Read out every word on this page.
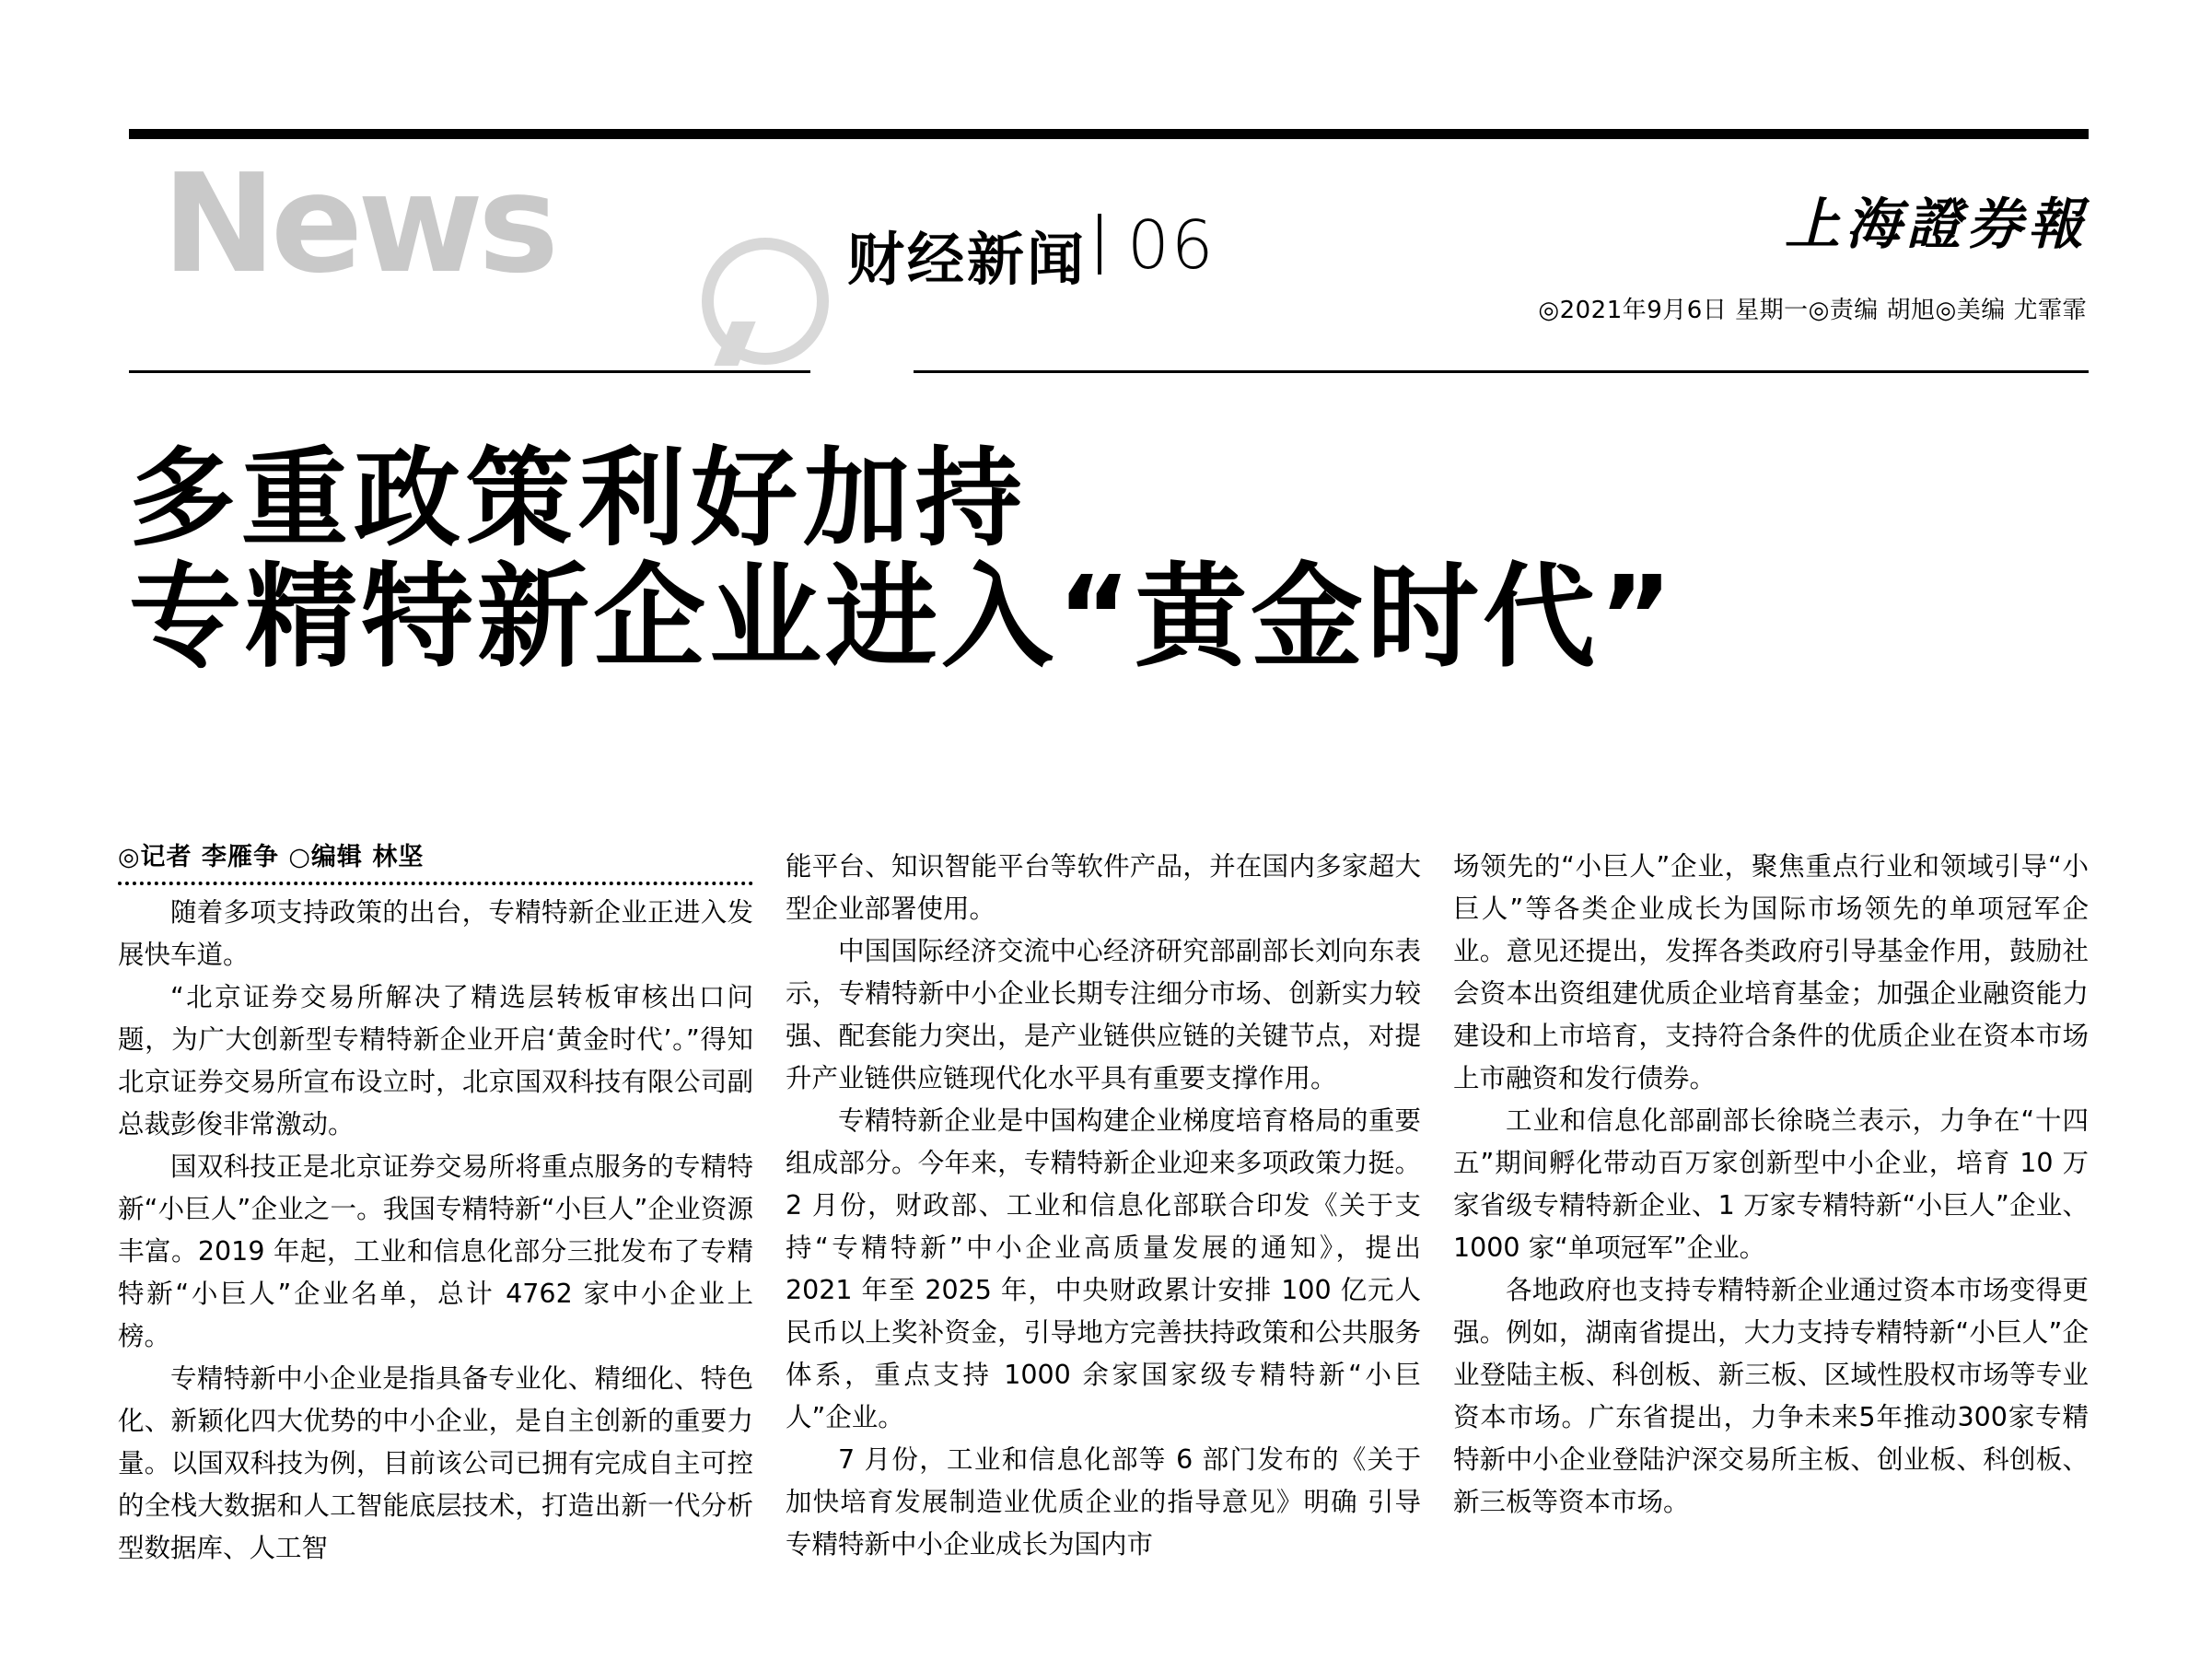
News	财经新闻 06	上海證券報
◎2021年9月6日 星期一◎责编 胡旭◎美编 尤霏霏
多重政策利好加持
专精特新企业进入“黄金时代”
◎记者 李雁争 ○编辑 林坚

随着多项支持政策的出台，专精特新企业正进入发展快车道。

“北京证券交易所解决了精选层转板审核出口问题，为广大创新型专精特新企业开启‘黄金时代’。”得知北京证券交易所宣布设立时，北京国双科技有限公司副总裁彭俊非常激动。

国双科技正是北京证券交易所将重点服务的专精特新“小巨人”企业之一。我国专精特新“小巨人”企业资源丰富。2019 年起，工业和信息化部分三批发布了专精特新“小巨人”企业名单，总计 4762 家中小企业上榜。

专精特新中小企业是指具备专业化、精细化、特色化、新颖化四大优势的中小企业，是自主创新的重要力量。以国双科技为例，目前该公司已拥有完成自主可控的全栈大数据和人工智能底层技术，打造出新一代分析型数据库、人工智

能平台、知识智能平台等软件产品，并在国内多家超大型企业部署使用。

中国国际经济交流中心经济研究部副部长刘向东表示，专精特新中小企业长期专注细分市场、创新实力较强、配套能力突出，是产业链供应链的关键节点，对提升产业链供应链现代化水平具有重要支撑作用。

专精特新企业是中国构建企业梯度培育格局的重要组成部分。今年来，专精特新企业迎来多项政策力挺。2 月份，财政部、工业和信息化部联合印发《关于支持“专精特新”中小企业高质量发展的通知》，提出 2021 年至 2025 年，中央财政累计安排 100 亿元人民币以上奖补资金，引导地方完善扶持政策和公共服务体系，重点支持 1000 余家国家级专精特新“小巨人”企业。

7 月份，工业和信息化部等 6 部门发布的《关于加快培育发展制造业优质企业的指导意见》明确 引导专精特新中小企业成长为国内市

场领先的“小巨人”企业，聚焦重点行业和领域引导“小巨人”等各类企业成长为国际市场领先的单项冠军企业。意见还提出，发挥各类政府引导基金作用，鼓励社会资本出资组建优质企业培育基金；加强企业融资能力建设和上市培育，支持符合条件的优质企业在资本市场上市融资和发行债券。

工业和信息化部副部长徐晓兰表示，力争在“十四五”期间孵化带动百万家创新型中小企业，培育 10 万家省级专精特新企业、1 万家专精特新“小巨人”企业、1000 家“单项冠军”企业。

各地政府也支持专精特新企业通过资本市场变得更强。例如，湖南省提出，大力支持专精特新“小巨人”企业登陆主板、科创板、新三板、区域性股权市场等专业资本市场。广东省提出，力争未来5年推动300家专精特新中小企业登陆沪深交易所主板、创业板、科创板、新三板等资本市场。
